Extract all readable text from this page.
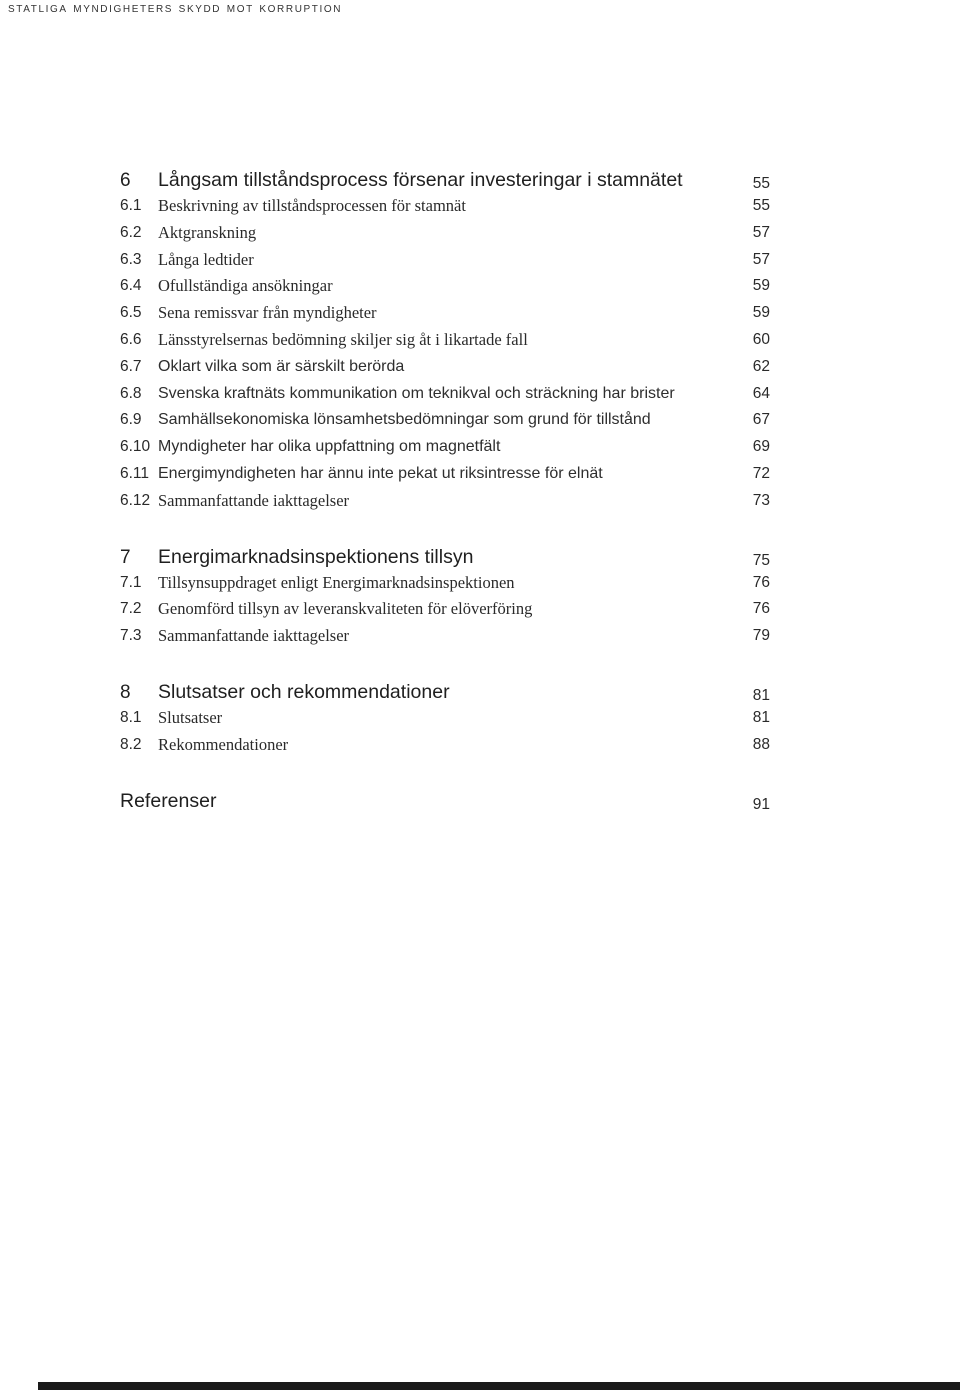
statliga myndigheters skydd mot korruption
6 Långsam tillståndsprocess försenar investeringar i stamnätet	55
6.1 Beskrivning av tillståndsprocessen för stamnät	55
6.2 Aktgranskning	57
6.3 Långa ledtider	57
6.4 Ofullständiga ansökningar	59
6.5 Sena remissvar från myndigheter	59
6.6 Länsstyrelsernas bedömning skiljer sig åt i likartade fall	60
6.7 Oklart vilka som är särskilt berörda	62
6.8 Svenska kraftnäts kommunikation om teknikval och sträckning har brister	64
6.9 Samhällsekonomiska lönsamhetsbedömningar som grund för tillstånd	67
6.10 Myndigheter har olika uppfattning om magnetfält	69
6.11 Energimyndigheten har ännu inte pekat ut riksintresse för elnät	72
6.12 Sammanfattande iakttagelser	73
7 Energimarknadsinspektionens tillsyn	75
7.1 Tillsynsuppdraget enligt Energimarknadsinspektionen	76
7.2 Genomförd tillsyn av leveranskvaliteten för elöverföring	76
7.3 Sammanfattande iakttagelser	79
8 Slutsatser och rekommendationer	81
8.1 Slutsatser	81
8.2 Rekommendationer	88
Referenser	91
